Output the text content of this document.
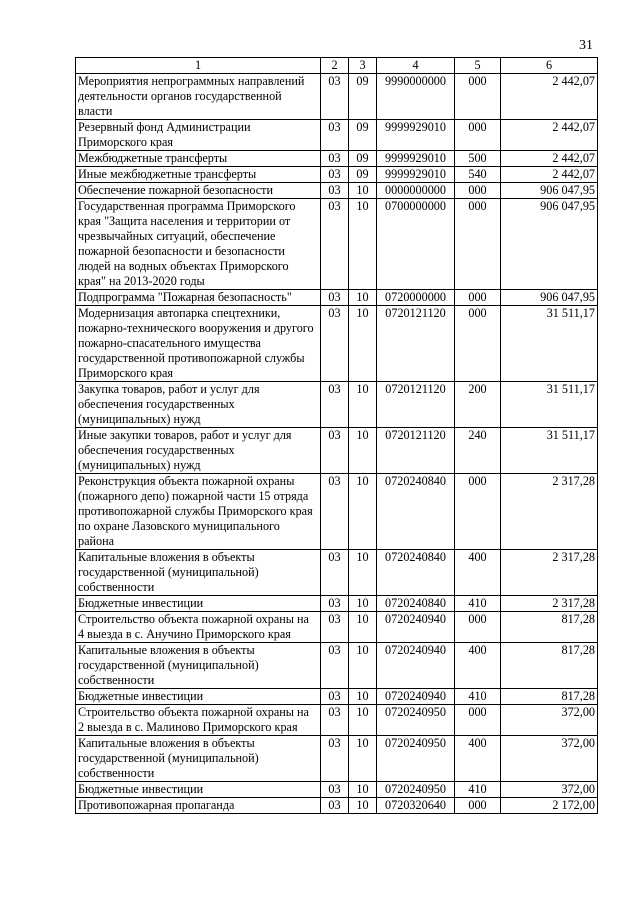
31
1	2	3	4	5	6
Мероприятия непрограммных направлений деятельности органов государственной власти	03	09	9990000000	000	2 442,07
Резервный фонд Администрации Приморского края	03	09	9999929010	000	2 442,07
Межбюджетные трансферты	03	09	9999929010	500	2 442,07
Иные межбюджетные трансферты	03	09	9999929010	540	2 442,07
Обеспечение пожарной безопасности	03	10	0000000000	000	906 047,95
Государственная программа Приморского края "Защита населения и территории от чрезвычайных ситуаций, обеспечение пожарной безопасности и безопасности людей на водных объектах Приморского края" на 2013-2020 годы	03	10	0700000000	000	906 047,95
Подпрограмма "Пожарная безопасность"	03	10	0720000000	000	906 047,95
Модернизация автопарка спецтехники, пожарно-технического вооружения и другого пожарно-спасательного имущества государственной противопожарной службы Приморского края	03	10	0720121120	000	31 511,17
Закупка товаров, работ и услуг для обеспечения государственных (муниципальных) нужд	03	10	0720121120	200	31 511,17
Иные закупки товаров, работ и услуг для обеспечения государственных (муниципальных) нужд	03	10	0720121120	240	31 511,17
Реконструкция объекта пожарной охраны (пожарного депо) пожарной части 15 отряда противопожарной службы Приморского края по охране Лазовского муниципального района	03	10	0720240840	000	2 317,28
Капитальные вложения в объекты государственной (муниципальной) собственности	03	10	0720240840	400	2 317,28
Бюджетные инвестиции	03	10	0720240840	410	2 317,28
Строительство объекта пожарной охраны на 4 выезда в с. Анучино Приморского края	03	10	0720240940	000	817,28
Капитальные вложения в объекты государственной (муниципальной) собственности	03	10	0720240940	400	817,28
Бюджетные инвестиции	03	10	0720240940	410	817,28
Строительство объекта пожарной охраны на 2 выезда в с. Малиново Приморского края	03	10	0720240950	000	372,00
Капитальные вложения в объекты государственной (муниципальной) собственности	03	10	0720240950	400	372,00
Бюджетные инвестиции	03	10	0720240950	410	372,00
Противопожарная пропаганда	03	10	0720320640	000	2 172,00
